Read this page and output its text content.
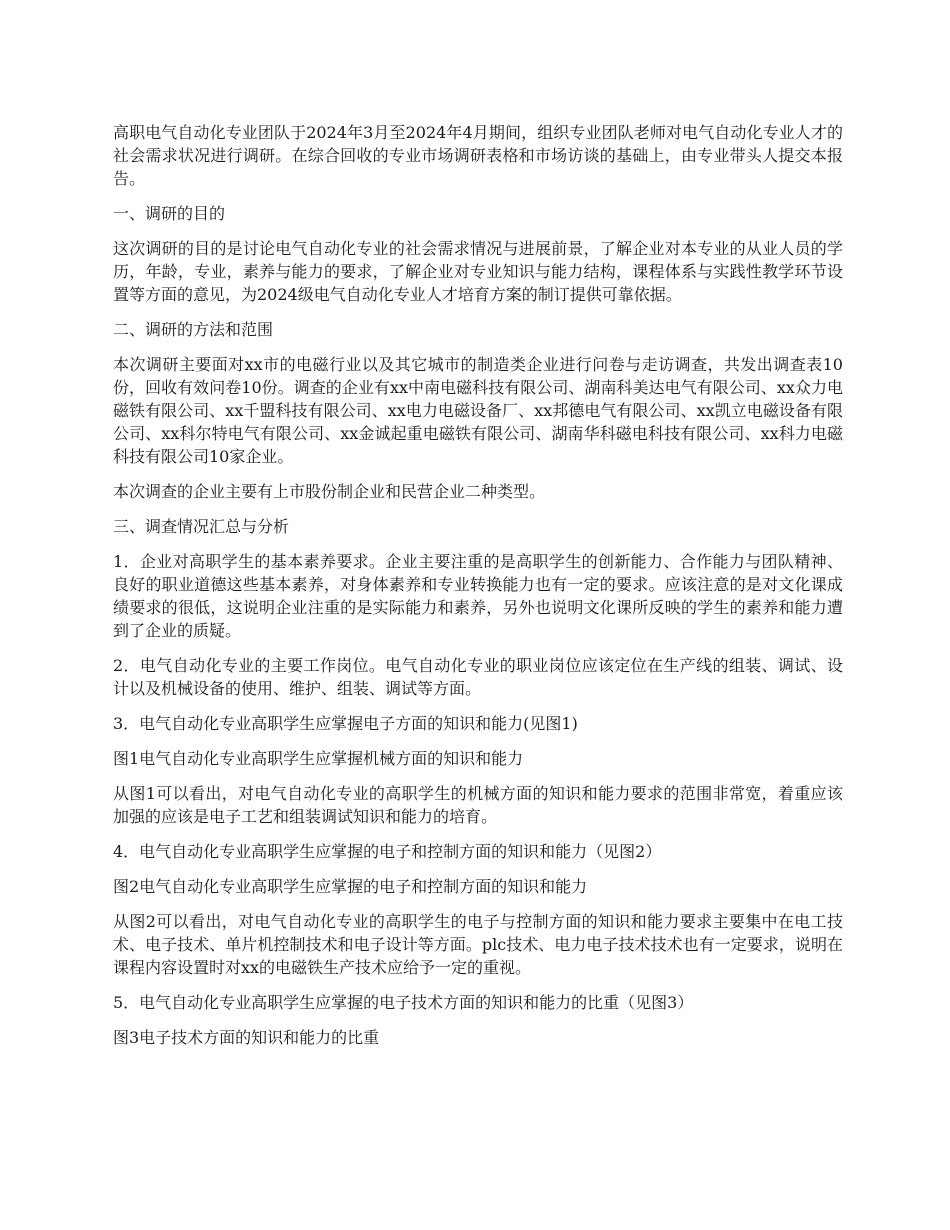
高职电气自动化专业团队于2024年3月至2024年4月期间，组织专业团队老师对电气自动化专业人才的社会需求状况进行调研。在综合回收的专业市场调研表格和市场访谈的基础上，由专业带头人提交本报告。

一、调研的目的

这次调研的目的是讨论电气自动化专业的社会需求情况与进展前景，了解企业对本专业的从业人员的学历，年龄，专业，素养与能力的要求，了解企业对专业知识与能力结构，课程体系与实践性教学环节设置等方面的意见，为2024级电气自动化专业人才培育方案的制订提供可靠依据。

二、调研的方法和范围

本次调研主要面对xx市的电磁行业以及其它城市的制造类企业进行问卷与走访调查，共发出调查表10份，回收有效问卷10份。调查的企业有xx中南电磁科技有限公司、湖南科美达电气有限公司、xx众力电磁铁有限公司、xx千盟科技有限公司、xx电力电磁设备厂、xx邦德电气有限公司、xx凯立电磁设备有限公司、xx科尔特电气有限公司、xx金诚起重电磁铁有限公司、湖南华科磁电科技有限公司、xx科力电磁科技有限公司10家企业。

本次调查的企业主要有上市股份制企业和民营企业二种类型。

三、调查情况汇总与分析

1．企业对高职学生的基本素养要求。企业主要注重的是高职学生的创新能力、合作能力与团队精神、良好的职业道德这些基本素养，对身体素养和专业转换能力也有一定的要求。应该注意的是对文化课成绩要求的很低，这说明企业注重的是实际能力和素养，另外也说明文化课所反映的学生的素养和能力遭到了企业的质疑。

2．电气自动化专业的主要工作岗位。电气自动化专业的职业岗位应该定位在生产线的组装、调试、设计以及机械设备的使用、维护、组装、调试等方面。

3．电气自动化专业高职学生应掌握电子方面的知识和能力(见图1)

图1电气自动化专业高职学生应掌握机械方面的知识和能力

从图1可以看出，对电气自动化专业的高职学生的机械方面的知识和能力要求的范围非常宽，着重应该加强的应该是电子工艺和组装调试知识和能力的培育。

4．电气自动化专业高职学生应掌握的电子和控制方面的知识和能力（见图2）

图2电气自动化专业高职学生应掌握的电子和控制方面的知识和能力

从图2可以看出，对电气自动化专业的高职学生的电子与控制方面的知识和能力要求主要集中在电工技术、电子技术、单片机控制技术和电子设计等方面。plc技术、电力电子技术技术也有一定要求，说明在课程内容设置时对xx的电磁铁生产技术应给予一定的重视。

5．电气自动化专业高职学生应掌握的电子技术方面的知识和能力的比重（见图3）

图3电子技术方面的知识和能力的比重
